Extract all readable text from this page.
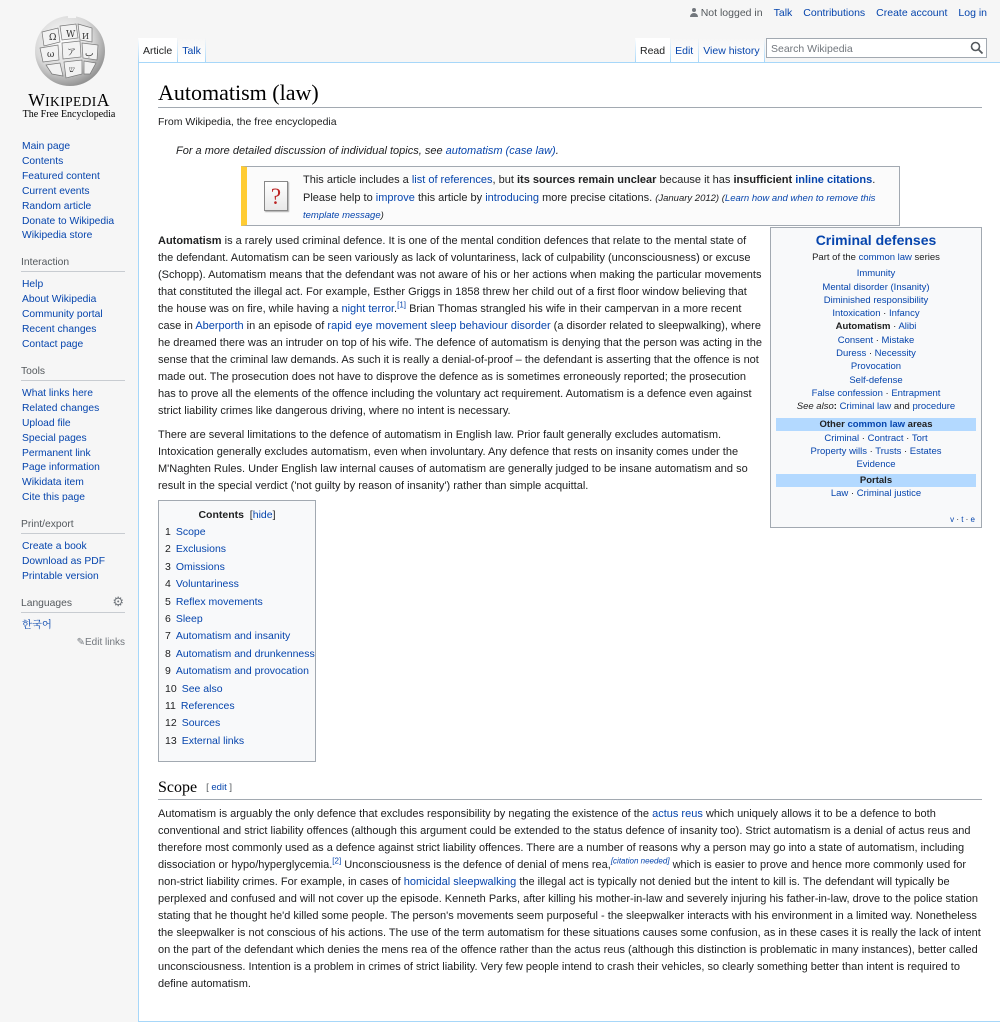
Not logged in Talk Contributions Create account Log in
Ω W И
ω ア ب
ש
WIKIPEDIA
The Free Encyclopedia
Main page
Contents
Featured content
Current events
Random article
Donate to Wikipedia
Wikipedia store
Interaction
Help
About Wikipedia
Community portal
Recent changes
Contact page
Tools
What links here
Related changes
Upload file
Special pages
Permanent link
Page information
Wikidata item
Cite this page
Print/export
Create a book
Download as PDF
Printable version
Languages	⚙
한국어
✎Edit links
Article Talk	Read Edit View history
Search Wikipedia
Automatism (law)
From Wikipedia, the free encyclopedia
For a more detailed discussion of individual topics, see automatism (case law).
?
This article includes a list of references, but its sources remain unclear because it has insufficient inline citations.
Please help to improve this article by introducing more precise citations. (January 2012) (Learn how and when to remove this template message)
Automatism is a rarely used criminal defence. It is one of the mental condition defences that relate to the mental state of the defendant. Automatism can be seen variously as lack of voluntariness, lack of culpability (unconsciousness) or excuse (Schopp). Automatism means that the defendant was not aware of his or her actions when making the particular movements that constituted the illegal act. For example, Esther Griggs in 1858 threw her child out of a first floor window believing that the house was on fire, while having a night terror.[1] Brian Thomas strangled his wife in their campervan in a more recent case in Aberporth in an episode of rapid eye movement sleep behaviour disorder (a disorder related to sleepwalking), where he dreamed there was an intruder on top of his wife. The defence of automatism is denying that the person was acting in the sense that the criminal law demands. As such it is really a denial-of-proof – the defendant is asserting that the offence is not made out. The prosecution does not have to disprove the defence as is sometimes erroneously reported; the prosecution has to prove all the elements of the offence including the voluntary act requirement. Automatism is a defence even against strict liability crimes like dangerous driving, where no intent is necessary.
There are several limitations to the defence of automatism in English law. Prior fault generally excludes automatism. Intoxication generally excludes automatism, even when involuntary. Any defence that rests on insanity comes under the M'Naghten Rules. Under English law internal causes of automatism are generally judged to be insane automatism and so result in the special verdict ('not guilty by reason of insanity') rather than simple acquittal.
Criminal defenses
Part of the common law series
Immunity
Mental disorder (Insanity)
Diminished responsibility
Intoxication · Infancy
Automatism · Alibi
Consent · Mistake
Duress · Necessity
Provocation
Self-defense
False confession · Entrapment
See also: Criminal law and procedure
Other common law areas
Criminal · Contract · Tort
Property wills · Trusts · Estates
Evidence
Portals
Law · Criminal justice
v · t · e
Contents  [hide]
1 Scope
2 Exclusions
3 Omissions
4 Voluntariness
5 Reflex movements
6 Sleep
7 Automatism and insanity
8 Automatism and drunkenness
9 Automatism and provocation
10 See also
11 References
12 Sources
13 External links
Scope [ edit ]
Automatism is arguably the only defence that excludes responsibility by negating the existence of the actus reus which uniquely allows it to be a defence to both conventional and strict liability offences (although this argument could be extended to the status defence of insanity too). Strict automatism is a denial of actus reus and therefore most commonly used as a defence against strict liability offences. There are a number of reasons why a person may go into a state of automatism, including dissociation or hypo/hyperglycemia.[2] Unconsciousness is the defence of denial of mens rea,[citation needed] which is easier to prove and hence more commonly used for non-strict liability crimes. For example, in cases of homicidal sleepwalking the illegal act is typically not denied but the intent to kill is. The defendant will typically be perplexed and confused and will not cover up the episode. Kenneth Parks, after killing his mother-in-law and severely injuring his father-in-law, drove to the police station stating that he thought he'd killed some people. The person's movements seem purposeful - the sleepwalker interacts with his environment in a limited way. Nonetheless the sleepwalker is not conscious of his actions. The use of the term automatism for these situations causes some confusion, as in these cases it is really the lack of intent on the part of the defendant which denies the mens rea of the offence rather than the actus reus (although this distinction is problematic in many instances), better called unconsciousness. Intention is a problem in crimes of strict liability. Very few people intend to crash their vehicles, so clearly something better than intent is required to define automatism.
